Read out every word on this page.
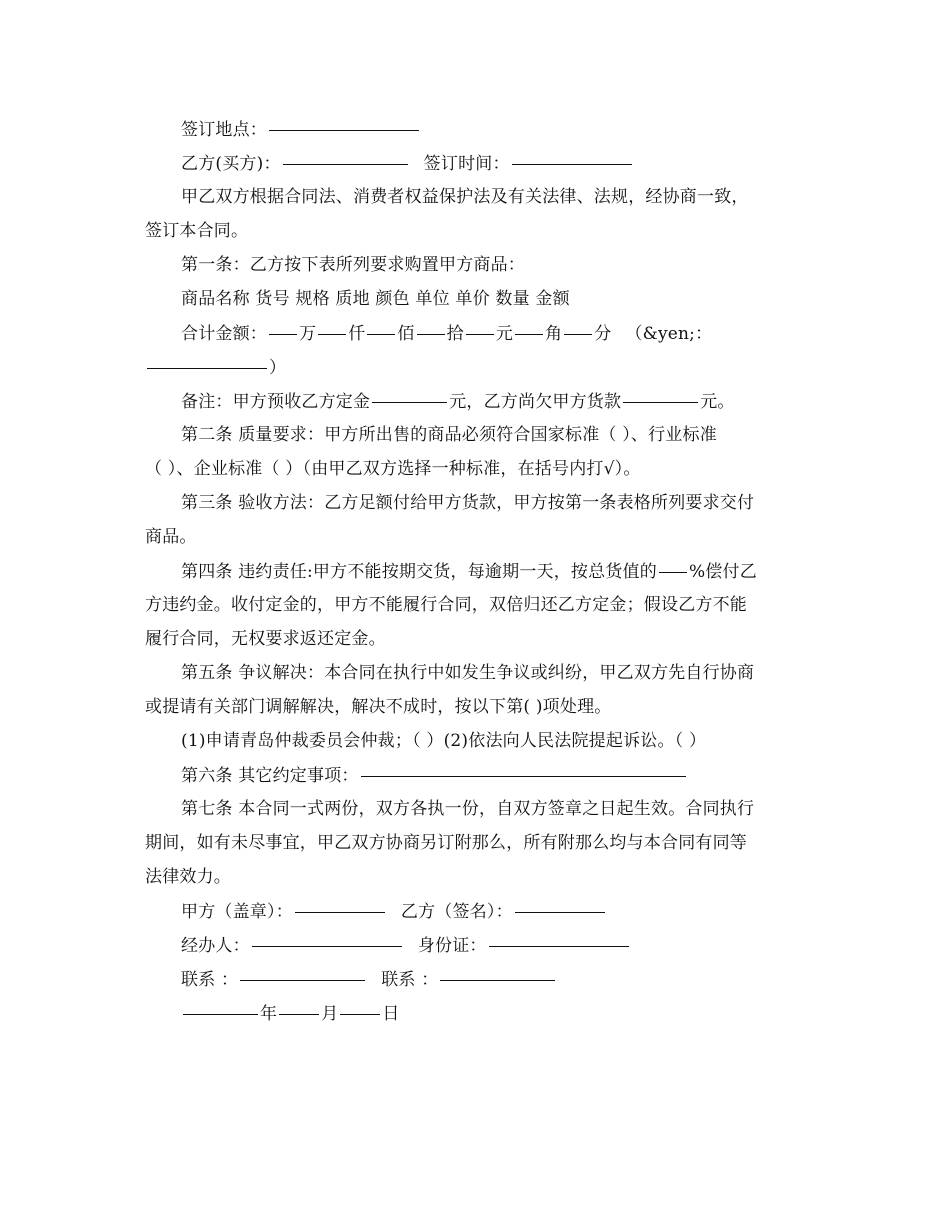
签订地点：
乙方(买方)：	签订时间：
甲乙双方根据合同法、消费者权益保护法及有关法律、法规，经协商一致，
签订本合同。
第一条：乙方按下表所列要求购置甲方商品：
商品名称 货号 规格 质地 颜色 单位 单价 数量 金额
合计金额： 万 仟 佰 拾 元 角 分 （&yen;：
）
备注：甲方预收乙方定金	元，乙方尚欠甲方货款	元。
第二条 质量要求：甲方所出售的商品必须符合国家标准（ ）、行业标准
（ ）、企业标准（ ）（由甲乙双方选择一种标准，在括号内打√）。
第三条 验收方法：乙方足额付给甲方货款，甲方按第一条表格所列要求交付
商品。
第四条 违约责任:甲方不能按期交货，每逾期一天，按总货值的 %偿付乙
方违约金。收付定金的，甲方不能履行合同，双倍归还乙方定金；假设乙方不能
履行合同，无权要求返还定金。
第五条 争议解决：本合同在执行中如发生争议或纠纷，甲乙双方先自行协商
或提请有关部门调解解决，解决不成时，按以下第( )项处理。
(1)申请青岛仲裁委员会仲裁；（ ）(2)依法向人民法院提起诉讼。（ ）
第六条 其它约定事项：
第七条 本合同一式两份，双方各执一份，自双方签章之日起生效。合同执行
期间，如有未尽事宜，甲乙双方协商另订附那么，所有附那么均与本合同有同等
法律效力。
甲方（盖章）：	乙方（签名）：
经办人：	身份证：
联系 ：	联系 ：
年	月	日
